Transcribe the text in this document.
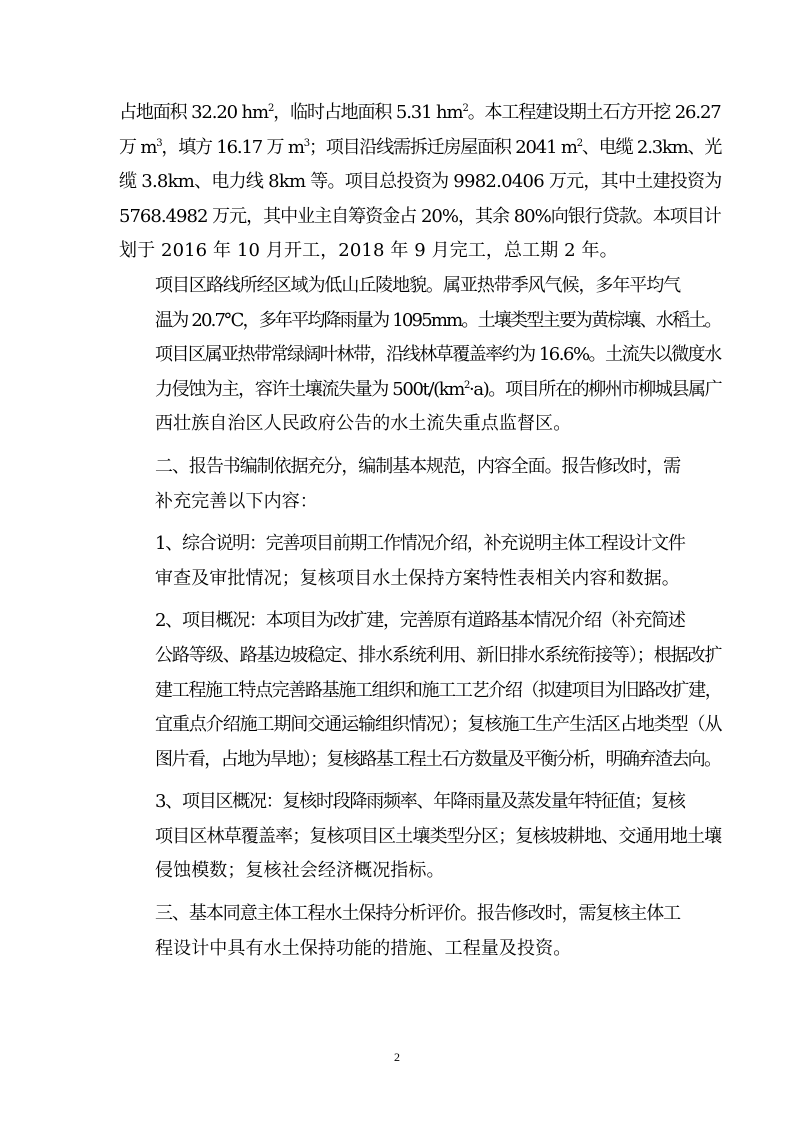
占地面积 32.20 $hm^2$，临时占地面积 5.31 $hm^2$。本工程建设期土石方开挖 26.27
万 $m^3$，填方 16.17 万 $m^3$；项目沿线需拆迁房屋面积 2041 $m^2$、电缆 2.3km、光
缆 3.8km、电力线 8km 等。项目总投资为 9982.0406 万元，其中土建投资为
5768.4982 万元，其中业主自筹资金占 20%，其余 80%向银行贷款。本项目计
划于 2016 年 10 月开工，2018 年 9 月完工，总工期 2 年。

项目区路线所经区域为低山丘陵地貌。属亚热带季风气候，多年平均气
温为 20.7℃，多年平均降雨量为 1095mm。土壤类型主要为黄棕壤、水稻土。
项目区属亚热带常绿阔叶林带，沿线林草覆盖率约为 16.6%。土流失以微度水
力侵蚀为主，容许土壤流失量为 $500t/(km^2\cdot a)$。项目所在的柳州市柳城县属广
西壮族自治区人民政府公告的水土流失重点监督区。

二、报告书编制依据充分，编制基本规范，内容全面。报告修改时，需
补充完善以下内容：

1、综合说明：完善项目前期工作情况介绍，补充说明主体工程设计文件
审查及审批情况；复核项目水土保持方案特性表相关内容和数据。

2、项目概况：本项目为改扩建，完善原有道路基本情况介绍（补充简述
公路等级、路基边坡稳定、排水系统利用、新旧排水系统衔接等）；根据改扩
建工程施工特点完善路基施工组织和施工工艺介绍（拟建项目为旧路改扩建，
宜重点介绍施工期间交通运输组织情况）；复核施工生产生活区占地类型（从
图片看，占地为旱地）；复核路基工程土石方数量及平衡分析，明确弃渣去向。

3、项目区概况：复核时段降雨频率、年降雨量及蒸发量年特征值；复核
项目区林草覆盖率；复核项目区土壤类型分区；复核坡耕地、交通用地土壤
侵蚀模数；复核社会经济概况指标。

三、基本同意主体工程水土保持分析评价。报告修改时，需复核主体工
程设计中具有水土保持功能的措施、工程量及投资。

2
